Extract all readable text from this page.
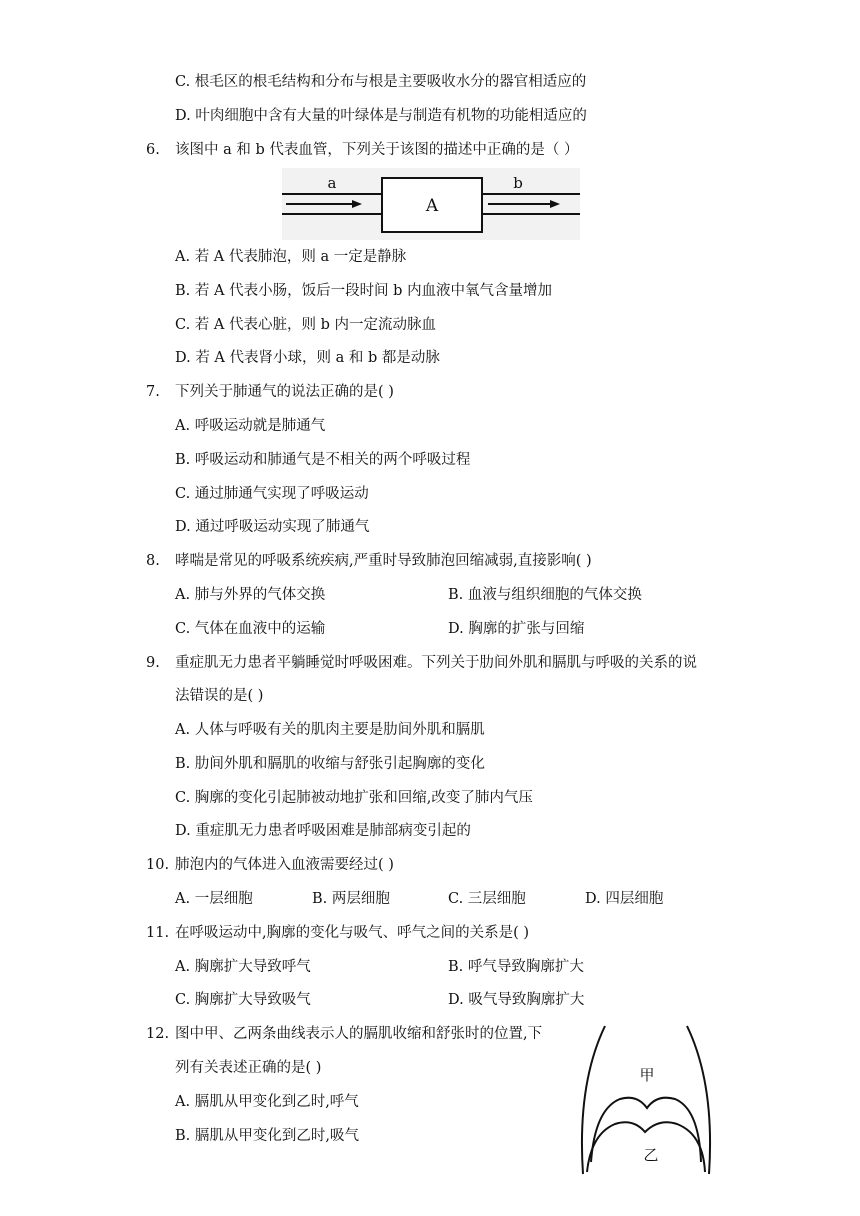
C. 根毛区的根毛结构和分布与根是主要吸收水分的器官相适应的
D. 叶肉细胞中含有大量的叶绿体是与制造有机物的功能相适应的
6. 该图中 a 和 b 代表血管，下列关于该图的描述中正确的是（ ）
a	b
A
A. 若 A 代表肺泡，则 a 一定是静脉
B. 若 A 代表小肠，饭后一段时间 b 内血液中氧气含量增加
C. 若 A 代表心脏，则 b 内一定流动脉血
D. 若 A 代表肾小球，则 a 和 b 都是动脉
7. 下列关于肺通气的说法正确的是( )
A. 呼吸运动就是肺通气
B. 呼吸运动和肺通气是不相关的两个呼吸过程
C. 通过肺通气实现了呼吸运动
D. 通过呼吸运动实现了肺通气
8. 哮喘是常见的呼吸系统疾病,严重时导致肺泡回缩减弱,直接影响( )
A. 肺与外界的气体交换	B. 血液与组织细胞的气体交换
C. 气体在血液中的运输	D. 胸廓的扩张与回缩
9. 重症肌无力患者平躺睡觉时呼吸困难。下列关于肋间外肌和膈肌与呼吸的关系的说
法错误的是( )
A. 人体与呼吸有关的肌肉主要是肋间外肌和膈肌
B. 肋间外肌和膈肌的收缩与舒张引起胸廓的变化
C. 胸廓的变化引起肺被动地扩张和回缩,改变了肺内气压
D. 重症肌无力患者呼吸困难是肺部病变引起的
10. 肺泡内的气体进入血液需要经过( )
A. 一层细胞	B. 两层细胞	C. 三层细胞	D. 四层细胞
11. 在呼吸运动中,胸廓的变化与吸气、呼气之间的关系是( )
A. 胸廓扩大导致呼气	B. 呼气导致胸廓扩大
C. 胸廓扩大导致吸气	D. 吸气导致胸廓扩大
12. 图中甲、乙两条曲线表示人的膈肌收缩和舒张时的位置,下
列有关表述正确的是( )
A. 膈肌从甲变化到乙时,呼气
B. 膈肌从甲变化到乙时,吸气
甲
乙
